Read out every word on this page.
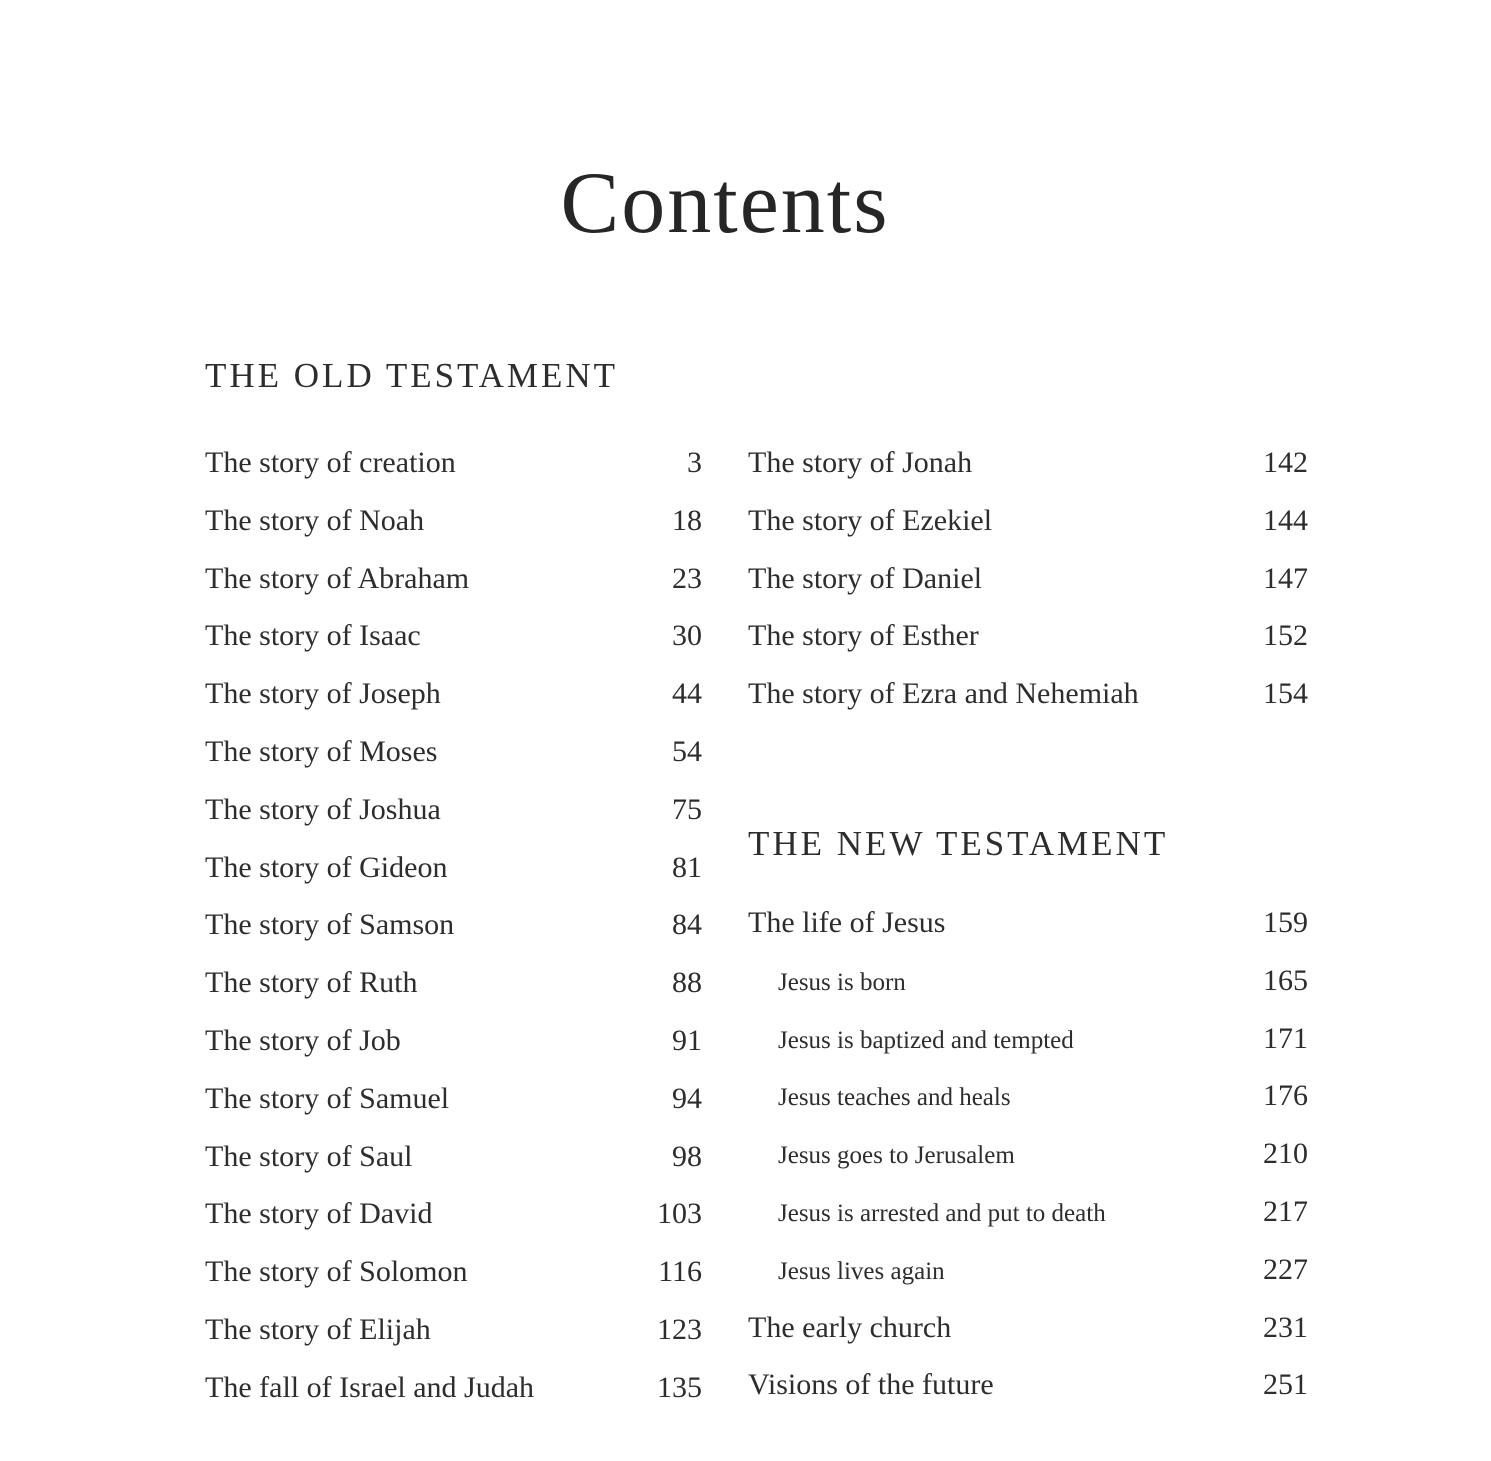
Contents
THE OLD TESTAMENT
The story of creation	3
The story of Noah	18
The story of Abraham	23
The story of Isaac	30
The story of Joseph	44
The story of Moses	54
The story of Joshua	75
The story of Gideon	81
The story of Samson	84
The story of Ruth	88
The story of Job	91
The story of Samuel	94
The story of Saul	98
The story of David	103
The story of Solomon	116
The story of Elijah	123
The fall of Israel and Judah	135
The story of Jonah	142
The story of Ezekiel	144
The story of Daniel	147
The story of Esther	152
The story of Ezra and Nehemiah	154
THE NEW TESTAMENT
The life of Jesus	159
Jesus is born	165
Jesus is baptized and tempted	171
Jesus teaches and heals	176
Jesus goes to Jerusalem	210
Jesus is arrested and put to death	217
Jesus lives again	227
The early church	231
Visions of the future	251
